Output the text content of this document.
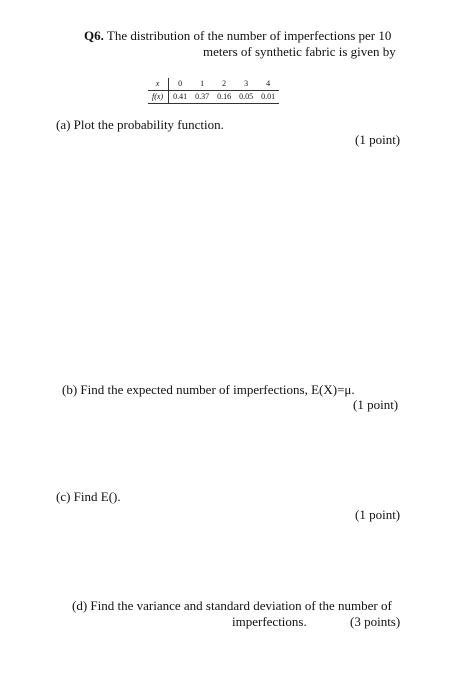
Q6. The distribution of the number of imperfections per 10
meters of synthetic fabric is given by
x	0	1	2	3	4
f(x)	0.41	0.37	0.16	0.05	0.01
(a) Plot the probability function.
(1 point)
(b) Find the expected number of imperfections, E(X)=μ.
(1 point)
(c) Find E().
(1 point)
(d) Find the variance and standard deviation of the number of
imperfections.	(3 points)
